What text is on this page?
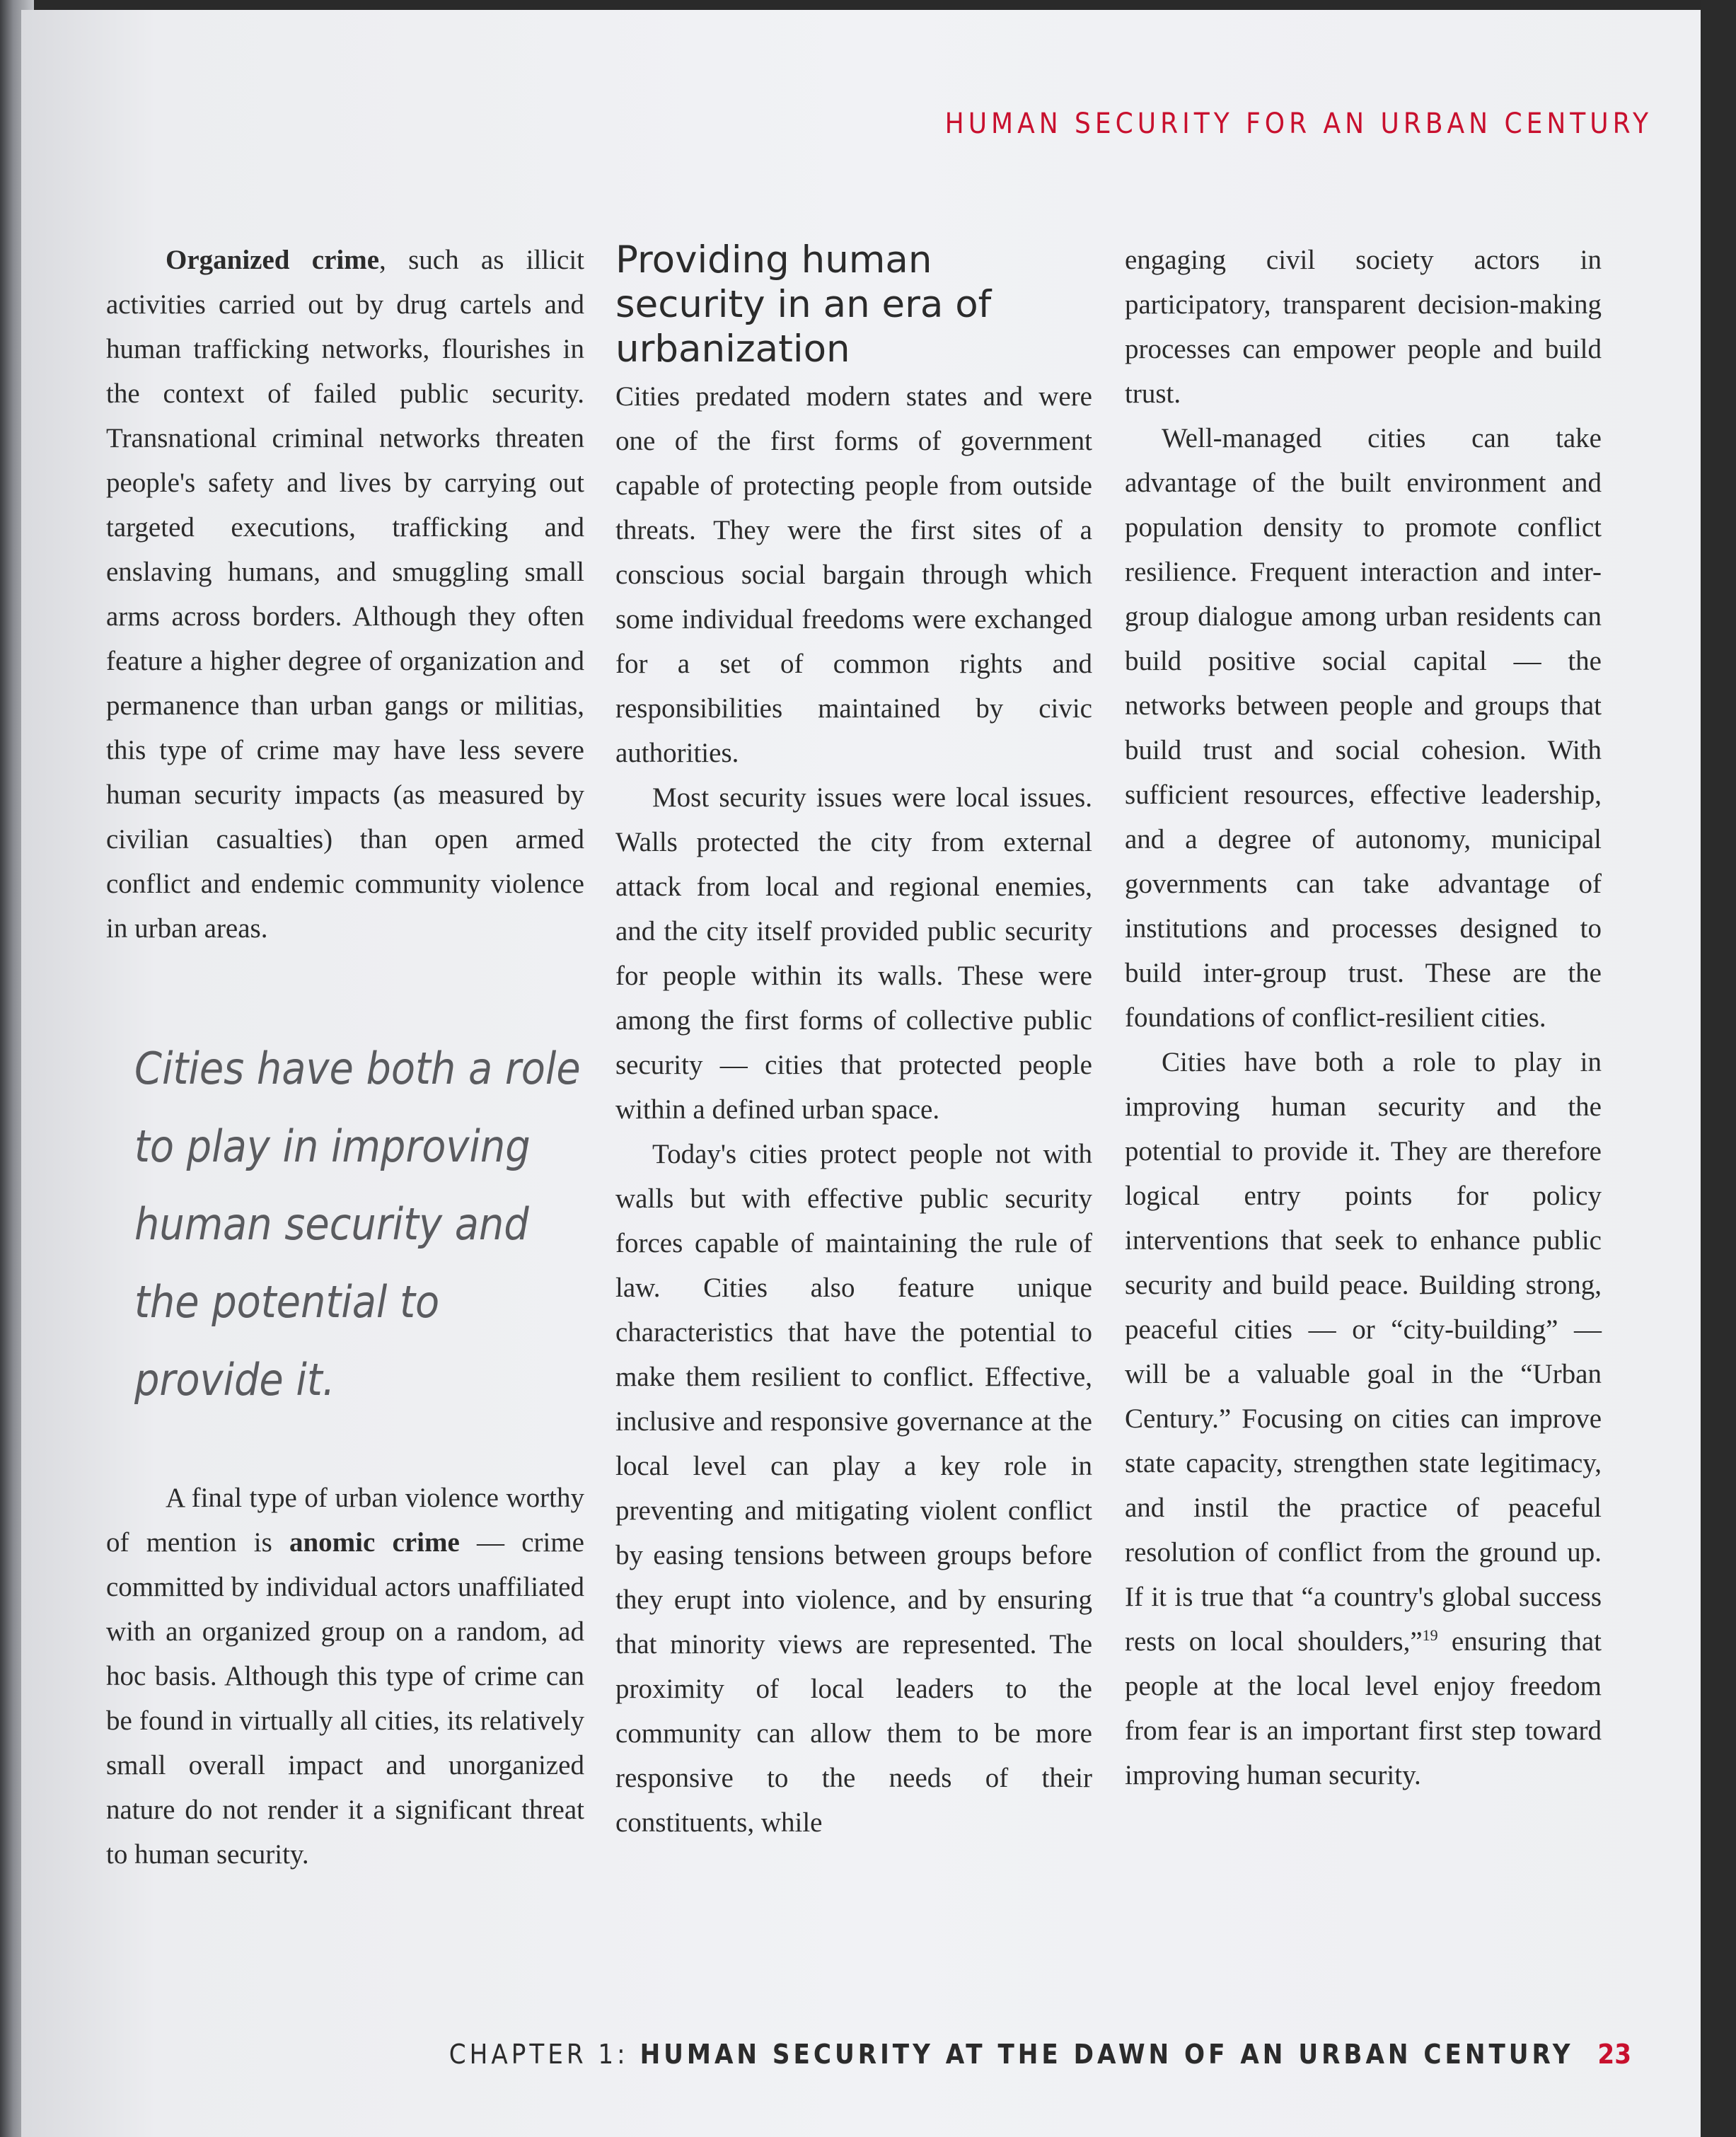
HUMAN SECURITY FOR AN URBAN CENTURY

Organized crime, such as illicit activities carried out by drug cartels and human trafficking networks, flourishes in the context of failed public security. Transnational criminal networks threaten people's safety and lives by carrying out targeted executions, trafficking and enslaving humans, and smuggling small arms across borders. Although they often feature a higher degree of organization and permanence than urban gangs or militias, this type of crime may have less severe human security impacts (as measured by civilian casualties) than open armed conflict and endemic community violence in urban areas.

Cities have both a role to play in improving human security and the potential to provide it.

A final type of urban violence worthy of mention is anomic crime — crime committed by individual actors unaffiliated with an organized group on a random, ad hoc basis. Although this type of crime can be found in virtually all cities, its relatively small overall impact and unorganized nature do not render it a significant threat to human security.

Providing human security in an era of urbanization

Cities predated modern states and were one of the first forms of government capable of protecting people from outside threats. They were the first sites of a conscious social bargain through which some individual freedoms were exchanged for a set of common rights and responsibilities maintained by civic authorities.

Most security issues were local issues. Walls protected the city from external attack from local and regional enemies, and the city itself provided public security for people within its walls. These were among the first forms of collective public security — cities that protected people within a defined urban space.

Today's cities protect people not with walls but with effective public security forces capable of maintaining the rule of law. Cities also feature unique characteristics that have the potential to make them resilient to conflict. Effective, inclusive and responsive governance at the local level can play a key role in preventing and mitigating violent conflict by easing tensions between groups before they erupt into violence, and by ensuring that minority views are represented. The proximity of local leaders to the community can allow them to be more responsive to the needs of their constituents, while

engaging civil society actors in participatory, transparent decision-making processes can empower people and build trust.

Well-managed cities can take advantage of the built environment and population density to promote conflict resilience. Frequent interaction and inter-group dialogue among urban residents can build positive social capital — the networks between people and groups that build trust and social cohesion. With sufficient resources, effective leadership, and a degree of autonomy, municipal governments can take advantage of institutions and processes designed to build inter-group trust. These are the foundations of conflict-resilient cities.

Cities have both a role to play in improving human security and the potential to provide it. They are therefore logical entry points for policy interventions that seek to enhance public security and build peace. Building strong, peaceful cities — or “city-building” — will be a valuable goal in the “Urban Century.” Focusing on cities can improve state capacity, strengthen state legitimacy, and instil the practice of peaceful resolution of conflict from the ground up. If it is true that “a country's global success rests on local shoulders,”$^{19}$ ensuring that people at the local level enjoy freedom from fear is an important first step toward improving human security.

CHAPTER 1: HUMAN SECURITY AT THE DAWN OF AN URBAN CENTURY 23
